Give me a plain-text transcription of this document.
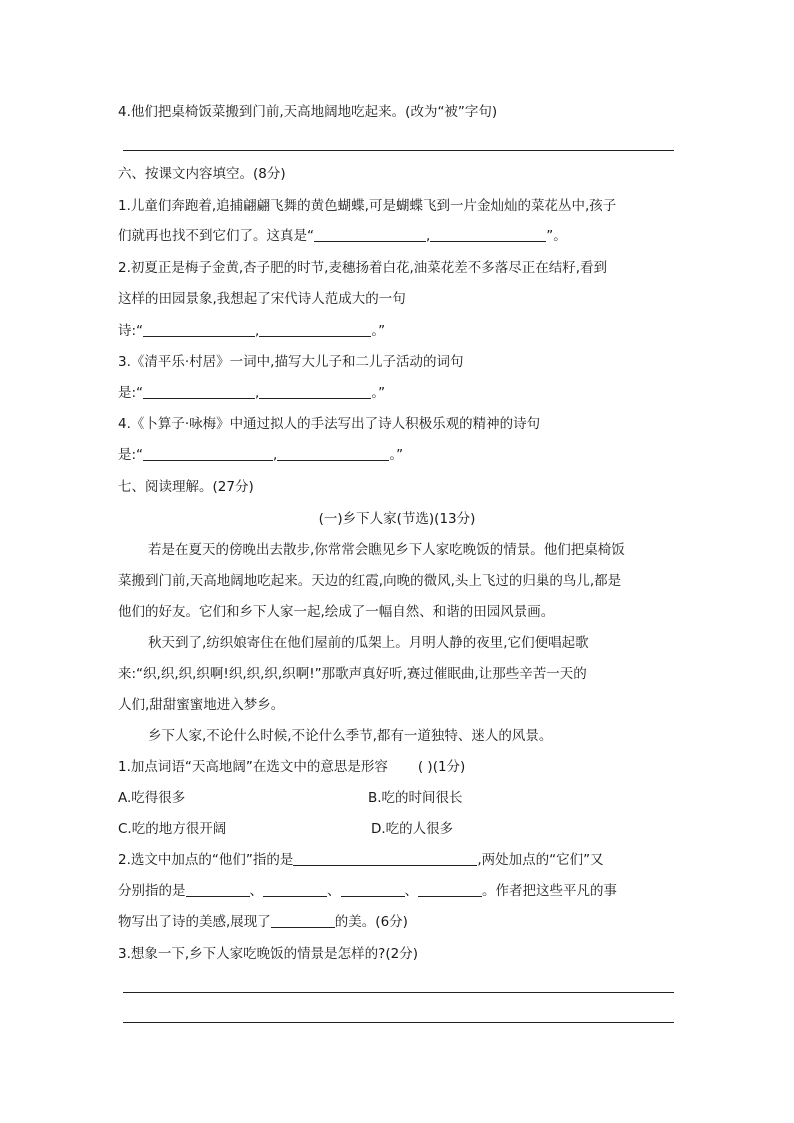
4.他们把桌椅饭菜搬到门前,天高地阔地吃起来。(改为“被”字句)
六、按课文内容填空。(8分)
1.儿童们奔跑着,追捕翩翩飞舞的黄色蝴蝶,可是蝴蝶飞到一片金灿灿的菜花丛中,孩子
们就再也找不到它们了。这真是“	,	”。
2.初夏正是梅子金黄,杏子肥的时节,麦穗扬着白花,油菜花差不多落尽正在结籽,看到
这样的田园景象,我想起了宋代诗人范成大的一句
诗:“	,	。”
3.《清平乐·村居》一词中,描写大儿子和二儿子活动的词句
是:“	,	。”
4.《卜算子·咏梅》中通过拟人的手法写出了诗人积极乐观的精神的诗句
是:“	,	。”
七、阅读理解。(27分)
(一)乡下人家(节选)(13分)
若是在夏天的傍晚出去散步,你常常会瞧见乡下人家吃晚饭的情景。他们把桌椅饭
菜搬到门前,天高地阔地吃起来。天边的红霞,向晚的微风,头上飞过的归巢的鸟儿,都是
他们的好友。它们和乡下人家一起,绘成了一幅自然、和谐的田园风景画。
秋天到了,纺织娘寄住在他们屋前的瓜架上。月明人静的夜里,它们便唱起歌
来:“织,织,织,织啊!织,织,织,织啊!”那歌声真好听,赛过催眠曲,让那些辛苦一天的
人们,甜甜蜜蜜地进入梦乡。
乡下人家,不论什么时候,不论什么季节,都有一道独特、迷人的风景。
1.加点词语“天高地阔”在选文中的意思是形容 ( )(1分)
A.吃得很多	B.吃的时间很长
C.吃的地方很开阔	D.吃的人很多
2.选文中加点的“他们”指的是	,两处加点的“它们”又
分别指的是	、	、	、	。作者把这些平凡的事
物写出了诗的美感,展现了	的美。(6分)
3.想象一下,乡下人家吃晚饭的情景是怎样的?(2分)
